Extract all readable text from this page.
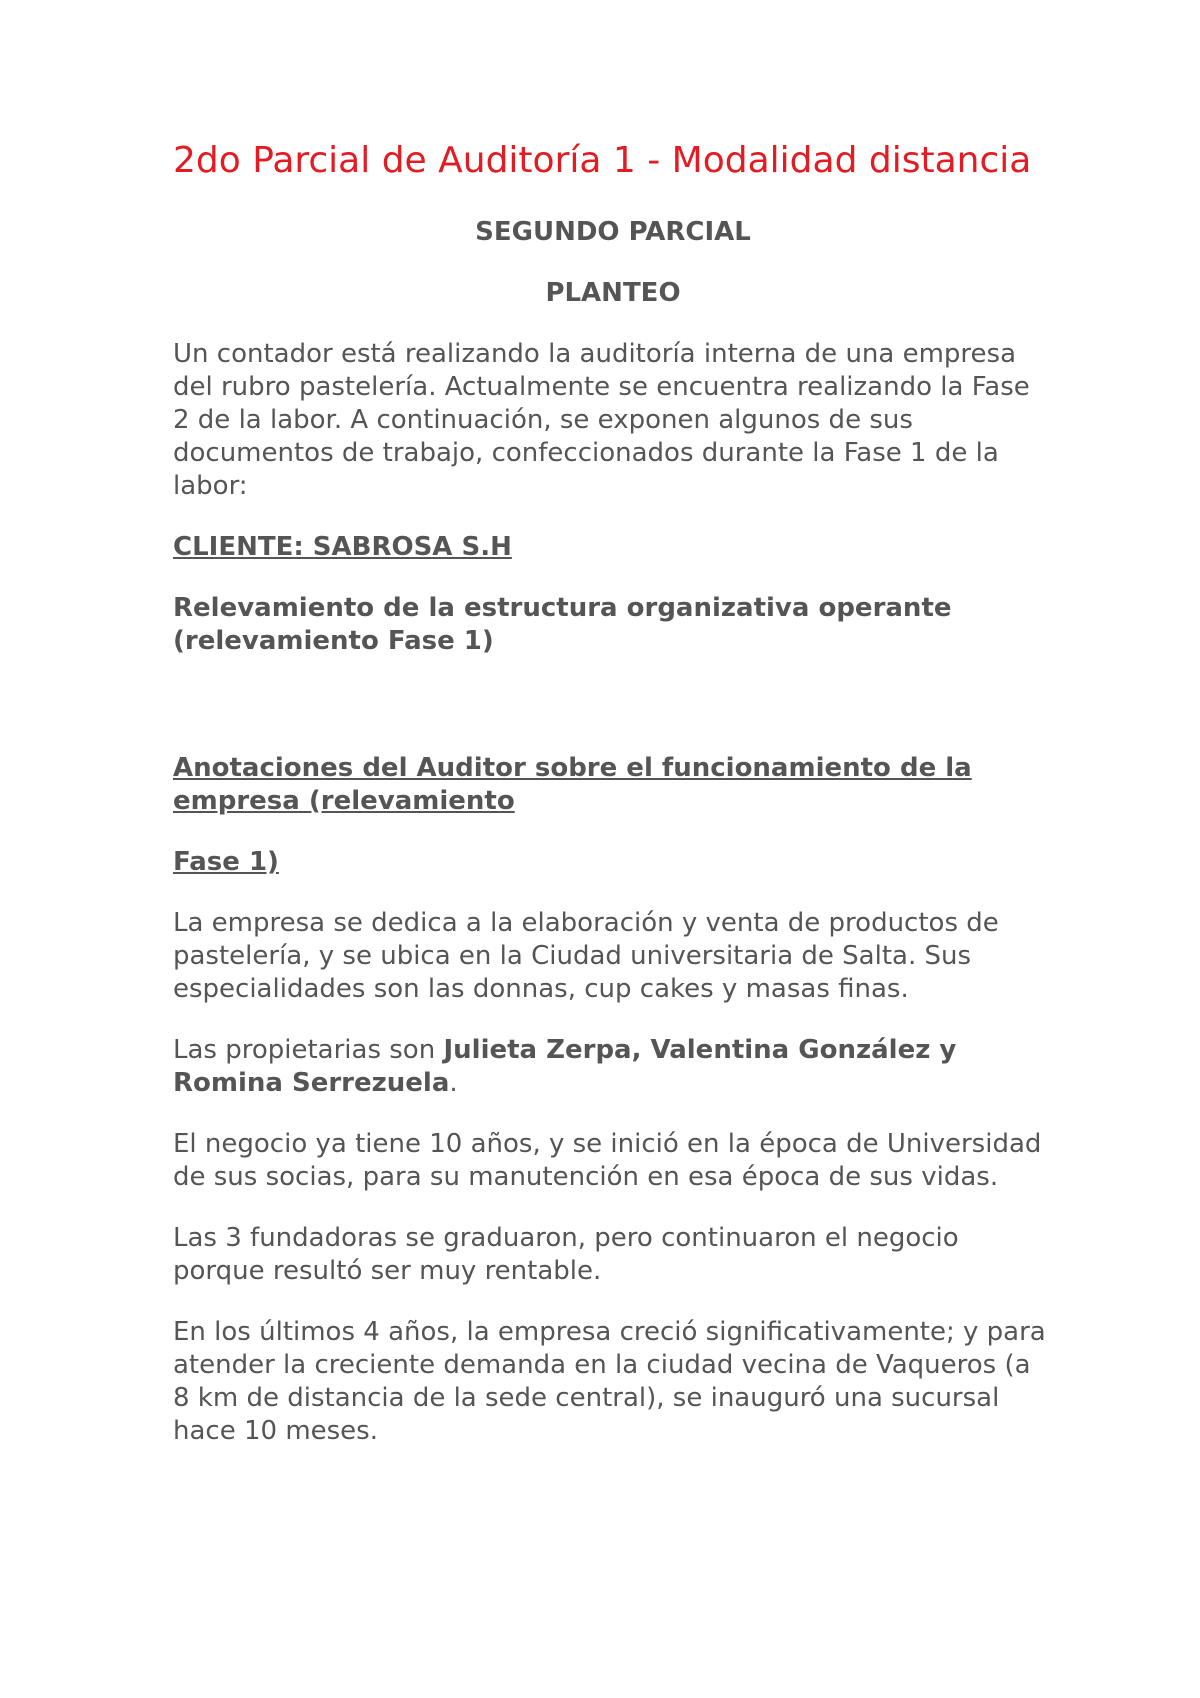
2do Parcial de Auditoría 1 - Modalidad distancia
SEGUNDO PARCIAL
PLANTEO

Un contador está realizando la auditoría interna de una empresa del rubro pastelería. Actualmente se encuentra realizando la Fase 2 de la labor. A continuación, se exponen algunos de sus documentos de trabajo, confeccionados durante la Fase 1 de la labor:

CLIENTE: SABROSA S.H
Relevamiento de la estructura organizativa operante (relevamiento Fase 1)
Anotaciones del Auditor sobre el funcionamiento de la empresa (relevamiento
Fase 1)

La empresa se dedica a la elaboración y venta de productos de pastelería, y se ubica en la Ciudad universitaria de Salta. Sus especialidades son las donnas, cup cakes y masas finas.

Las propietarias son Julieta Zerpa, Valentina González y Romina Serrezuela.

El negocio ya tiene 10 años, y se inició en la época de Universidad de sus socias, para su manutención en esa época de sus vidas.

Las 3 fundadoras se graduaron, pero continuaron el negocio porque resultó ser muy rentable.

En los últimos 4 años, la empresa creció significativamente; y para atender la creciente demanda en la ciudad vecina de Vaqueros (a 8 km de distancia de la sede central), se inauguró una sucursal hace 10 meses.
